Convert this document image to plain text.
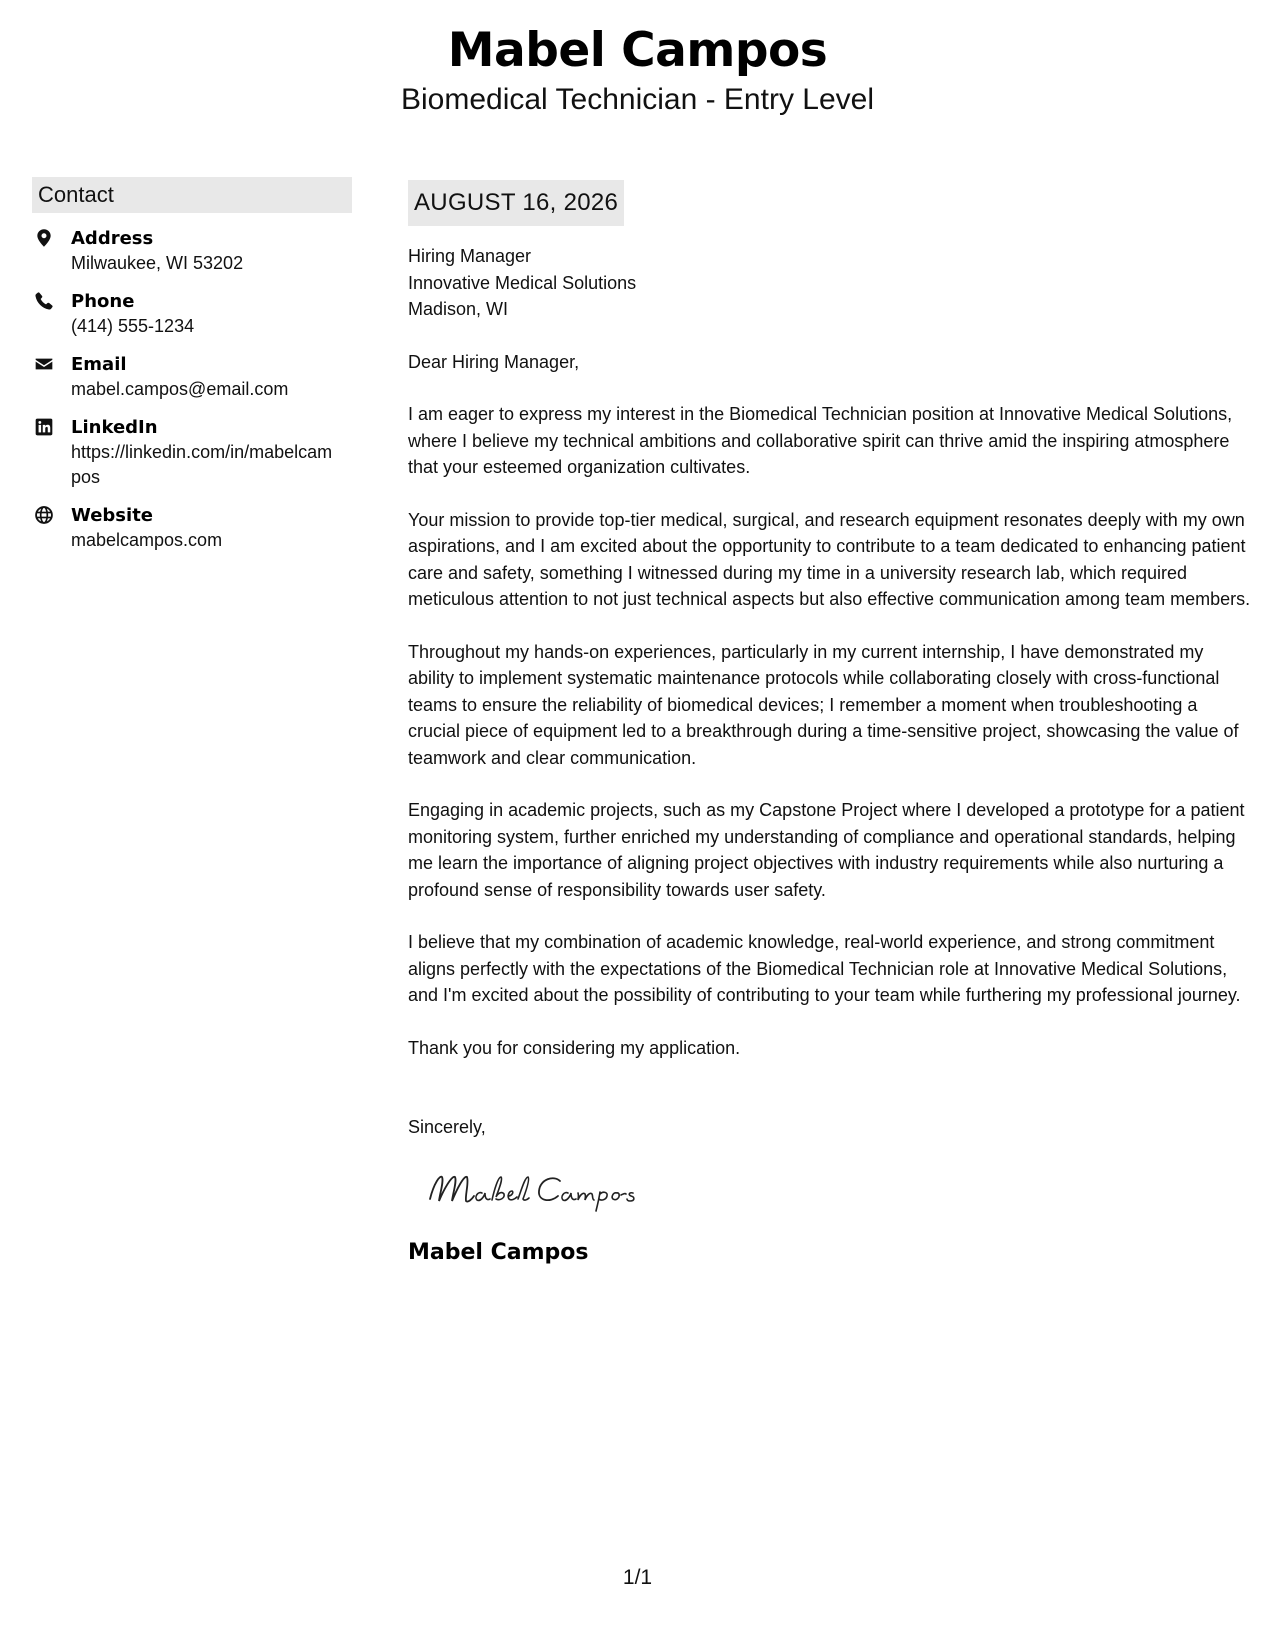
Mabel Campos
Biomedical Technician - Entry Level
Contact
Address
Milwaukee, WI 53202
Phone
(414) 555-1234
Email
mabel.campos@email.com
LinkedIn
https://linkedin.com/in/mabelcampos
Website
mabelcampos.com
AUGUST 16, 2026
Hiring Manager
Innovative Medical Solutions
Madison, WI
Dear Hiring Manager,
I am eager to express my interest in the Biomedical Technician position at Innovative Medical Solutions, where I believe my technical ambitions and collaborative spirit can thrive amid the inspiring atmosphere that your esteemed organization cultivates.
Your mission to provide top-tier medical, surgical, and research equipment resonates deeply with my own aspirations, and I am excited about the opportunity to contribute to a team dedicated to enhancing patient care and safety, something I witnessed during my time in a university research lab, which required meticulous attention to not just technical aspects but also effective communication among team members.
Throughout my hands-on experiences, particularly in my current internship, I have demonstrated my ability to implement systematic maintenance protocols while collaborating closely with cross-functional teams to ensure the reliability of biomedical devices; I remember a moment when troubleshooting a crucial piece of equipment led to a breakthrough during a time-sensitive project, showcasing the value of teamwork and clear communication.
Engaging in academic projects, such as my Capstone Project where I developed a prototype for a patient monitoring system, further enriched my understanding of compliance and operational standards, helping me learn the importance of aligning project objectives with industry requirements while also nurturing a profound sense of responsibility towards user safety.
I believe that my combination of academic knowledge, real-world experience, and strong commitment aligns perfectly with the expectations of the Biomedical Technician role at Innovative Medical Solutions, and I'm excited about the possibility of contributing to your team while furthering my professional journey.
Thank you for considering my application.
Sincerely,
Mabel Campos
1/1
